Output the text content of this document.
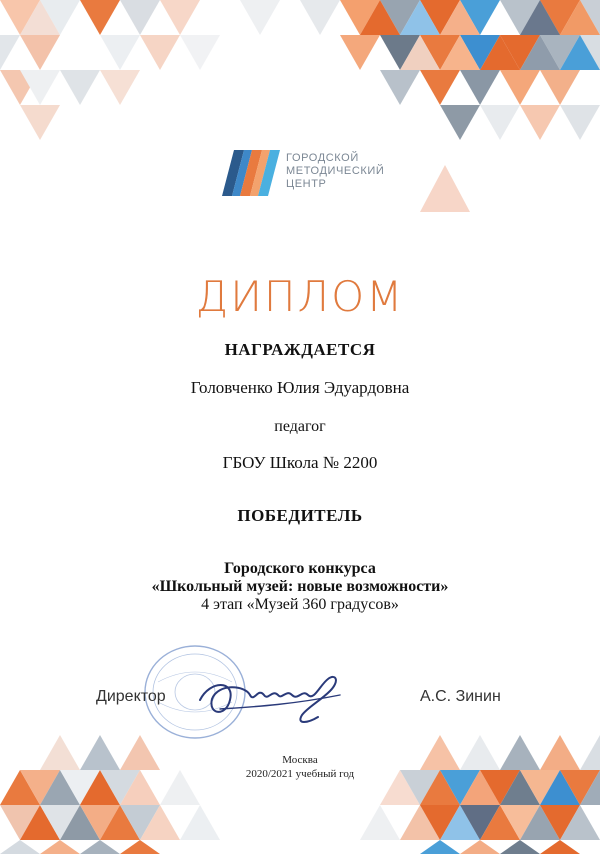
ГОРОДСКОЙ
МЕТОДИЧЕСКИЙ
ЦЕНТР
ДИПЛОМ
НАГРАЖДАЕТСЯ
Головченко Юлия Эдуардовна
педагог
ГБОУ Школа № 2200
ПОБЕДИТЕЛЬ
Городского конкурса
«Школьный музей: новые возможности»
4 этап «Музей 360 градусов»
Директор	А.С. Зинин
Москва
2020/2021 учебный год
